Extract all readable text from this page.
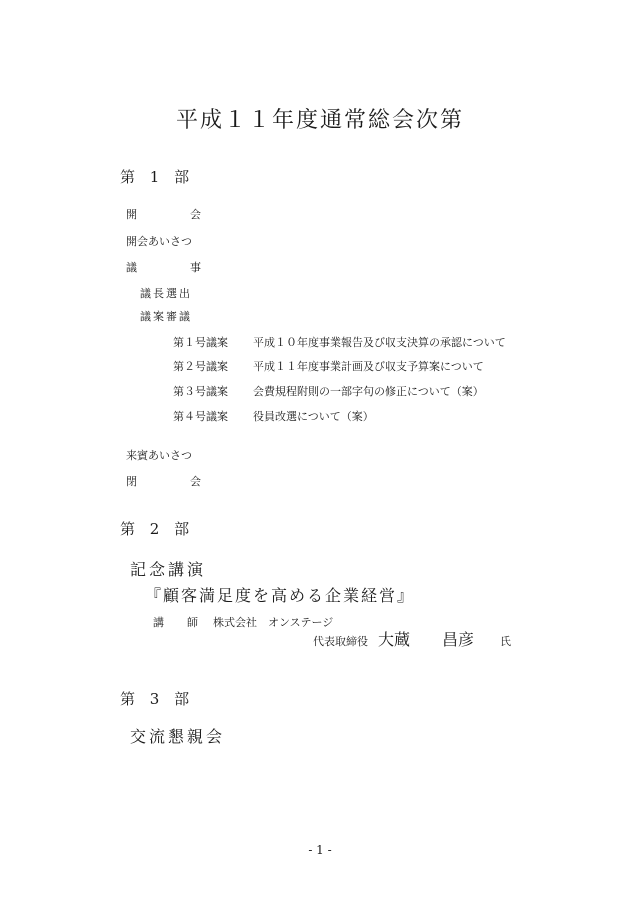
平成１１年度通常総会次第
第 1 部
開　　　会
開会あいさつ
議　　　事
議長選出
議案審議
第１号議案 平成１０年度事業報告及び収支決算の承認について
第２号議案 平成１１年度事業計画及び収支予算案について
第３号議案 会費規程附則の一部字句の修正について（案）
第４号議案 役員改選について（案）
来賓あいさつ
閉　　　会
第 2 部
記念講演
『顧客満足度を高める企業経営』
講　師 株式会社　オンステージ
代表取締役 大蔵　　昌彦 氏
第 3 部
交流懇親会
- 1 -
